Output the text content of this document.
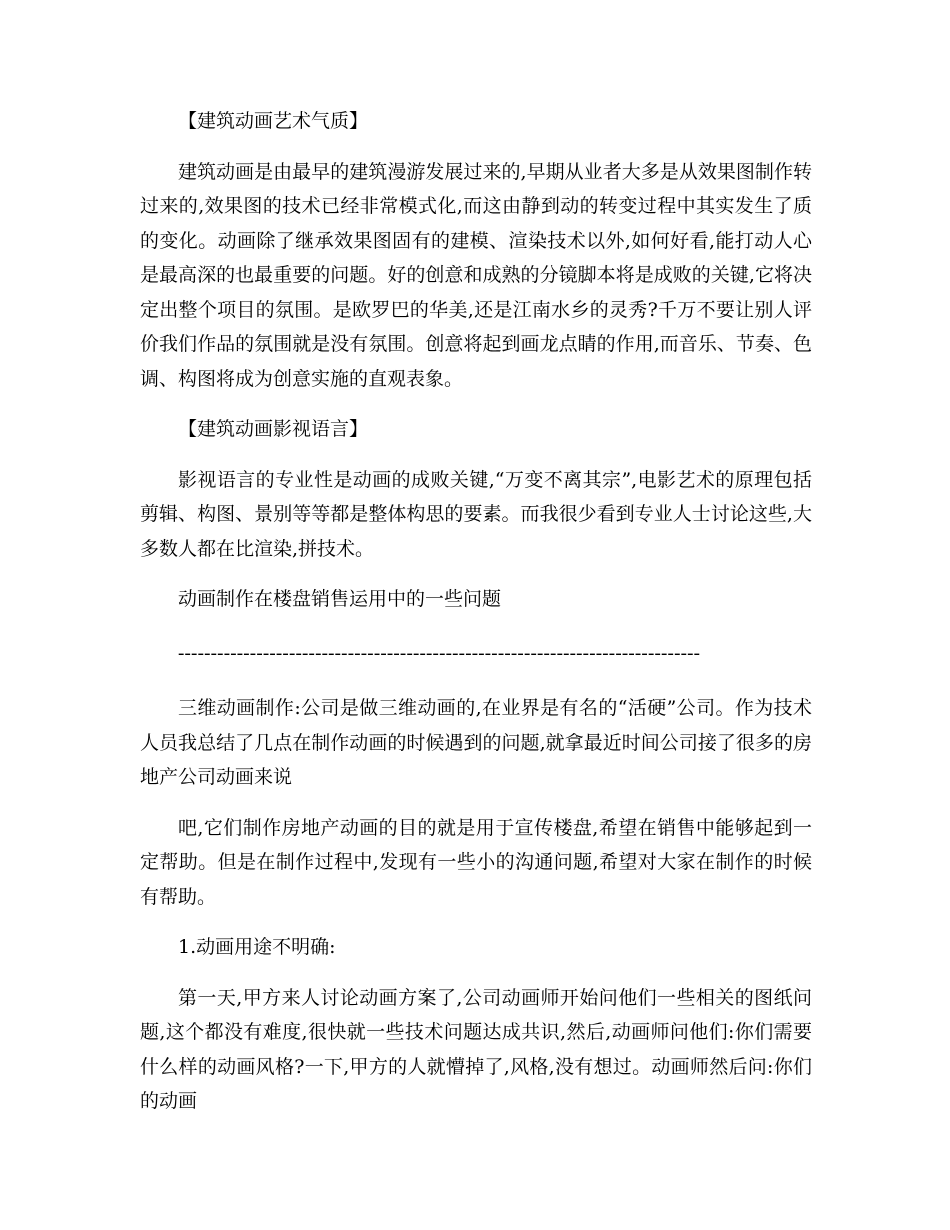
【建筑动画艺术气质】

建筑动画是由最早的建筑漫游发展过来的,早期从业者大多是从效果图制作转过来的,效果图的技术已经非常模式化,而这由静到动的转变过程中其实发生了质的变化。动画除了继承效果图固有的建模、渲染技术以外,如何好看,能打动人心是最高深的也最重要的问题。好的创意和成熟的分镜脚本将是成败的关键,它将决定出整个项目的氛围。是欧罗巴的华美,还是江南水乡的灵秀?千万不要让别人评价我们作品的氛围就是没有氛围。创意将起到画龙点睛的作用,而音乐、节奏、色调、构图将成为创意实施的直观表象。

【建筑动画影视语言】

影视语言的专业性是动画的成败关键,“万变不离其宗”,电影艺术的原理包括剪辑、构图、景别等等都是整体构思的要素。而我很少看到专业人士讨论这些,大多数人都在比渲染,拼技术。

动画制作在楼盘销售运用中的一些问题

--------------------------------------------------------------------------------

三维动画制作:公司是做三维动画的,在业界是有名的“活硬”公司。作为技术人员我总结了几点在制作动画的时候遇到的问题,就拿最近时间公司接了很多的房地产公司动画来说

吧,它们制作房地产动画的目的就是用于宣传楼盘,希望在销售中能够起到一定帮助。但是在制作过程中,发现有一些小的沟通问题,希望对大家在制作的时候有帮助。

1.动画用途不明确:

第一天,甲方来人讨论动画方案了,公司动画师开始问他们一些相关的图纸问题,这个都没有难度,很快就一些技术问题达成共识,然后,动画师问他们:你们需要什么样的动画风格?一下,甲方的人就懵掉了,风格,没有想过。动画师然后问:你们的动画
